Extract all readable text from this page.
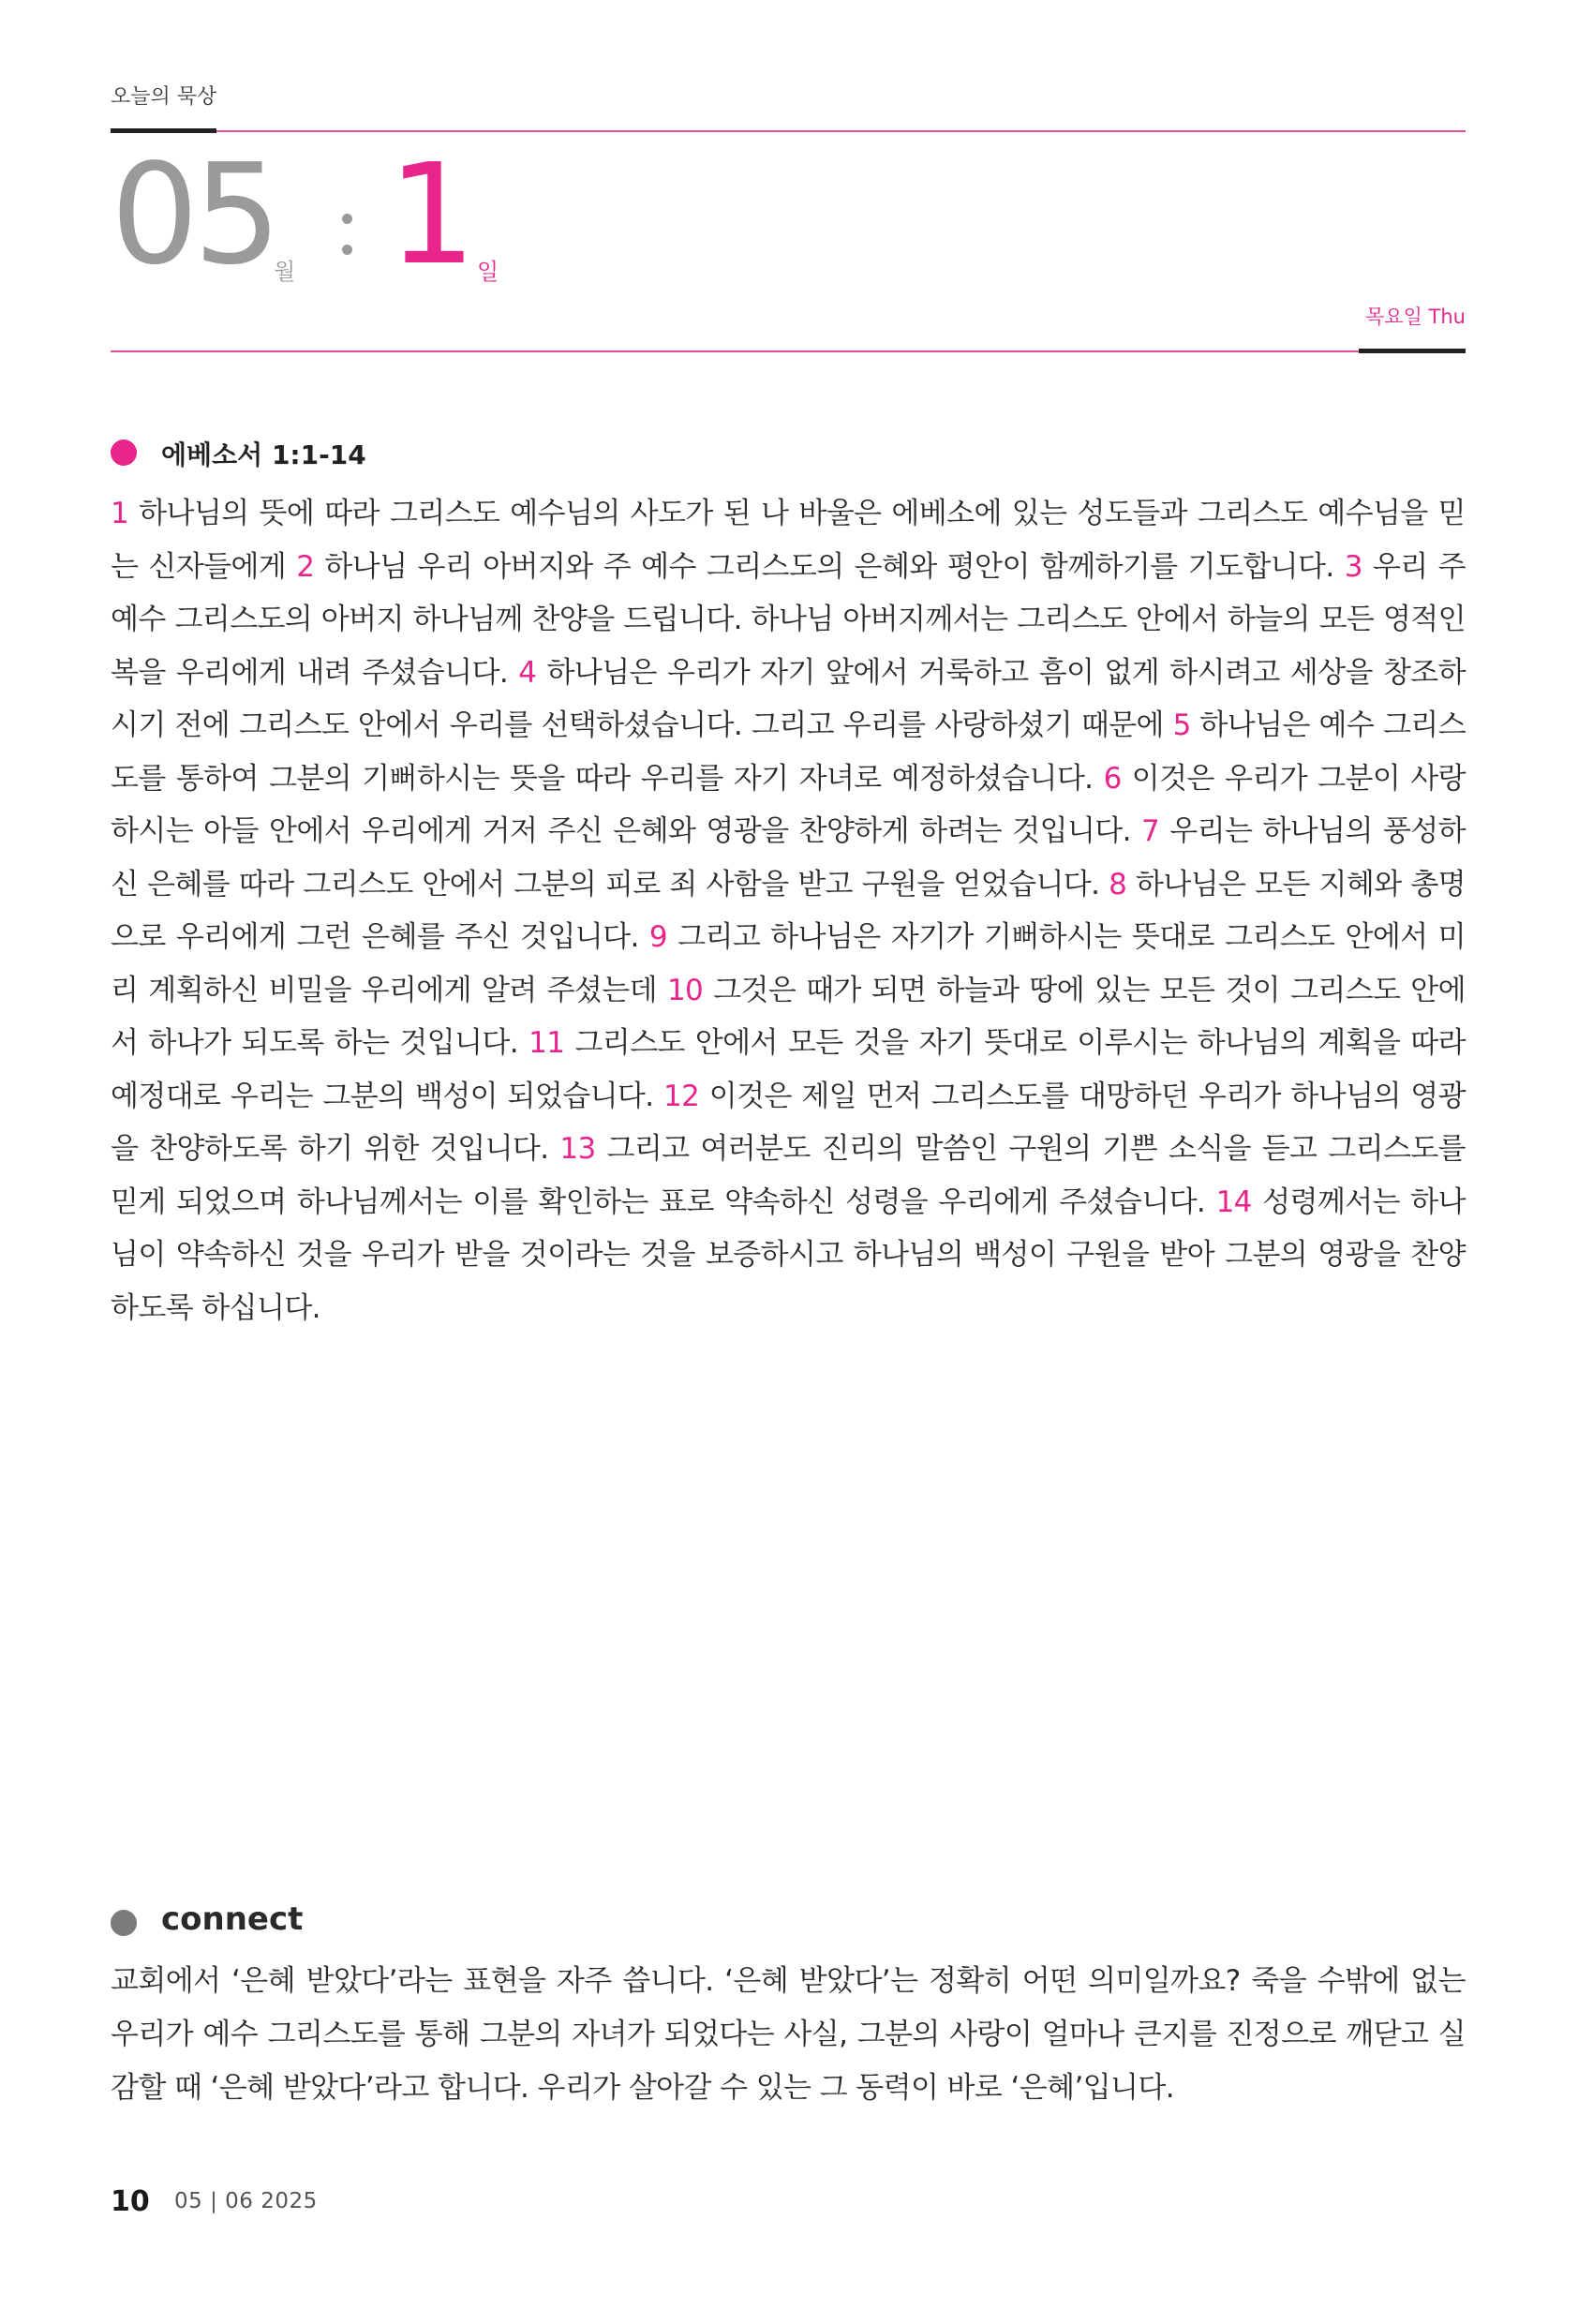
오늘의 묵상
05
월 1 일
목요일 Thu
에베소서 1:1-14
1 하나님의 뜻에 따라 그리스도 예수님의 사도가 된 나 바울은 에베소에 있는 성도들과 그리스도 예수님을 믿는 신자들에게 2 하나님 우리 아버지와 주 예수 그리스도의 은혜와 평안이 함께하기를 기도합니다. 3 우리 주 예수 그리스도의 아버지 하나님께 찬양을 드립니다. 하나님 아버지께서는 그리스도 안에서 하늘의 모든 영적인 복을 우리에게 내려 주셨습니다. 4 하나님은 우리가 자기 앞에서 거룩하고 흠이 없게 하시려고 세상을 창조하시기 전에 그리스도 안에서 우리를 선택하셨습니다. 그리고 우리를 사랑하셨기 때문에 5 하나님은 예수 그리스도를 통하여 그분의 기뻐하시는 뜻을 따라 우리를 자기 자녀로 예정하셨습니다. 6 이것은 우리가 그분이 사랑하시는 아들 안에서 우리에게 거저 주신 은혜와 영광을 찬양하게 하려는 것입니다. 7 우리는 하나님의 풍성하신 은혜를 따라 그리스도 안에서 그분의 피로 죄 사함을 받고 구원을 얻었습니다. 8 하나님은 모든 지혜와 총명으로 우리에게 그런 은혜를 주신 것입니다. 9 그리고 하나님은 자기가 기뻐하시는 뜻대로 그리스도 안에서 미리 계획하신 비밀을 우리에게 알려 주셨는데 10 그것은 때가 되면 하늘과 땅에 있는 모든 것이 그리스도 안에서 하나가 되도록 하는 것입니다. 11 그리스도 안에서 모든 것을 자기 뜻대로 이루시는 하나님의 계획을 따라 예정대로 우리는 그분의 백성이 되었습니다. 12 이것은 제일 먼저 그리스도를 대망하던 우리가 하나님의 영광을 찬양하도록 하기 위한 것입니다. 13 그리고 여러분도 진리의 말씀인 구원의 기쁜 소식을 듣고 그리스도를 믿게 되었으며 하나님께서는 이를 확인하는 표로 약속하신 성령을 우리에게 주셨습니다. 14 성령께서는 하나님이 약속하신 것을 우리가 받을 것이라는 것을 보증하시고 하나님의 백성이 구원을 받아 그분의 영광을 찬양하도록 하십니다.
connect
교회에서 ‘은혜 받았다’라는 표현을 자주 씁니다. ‘은혜 받았다’는 정확히 어떤 의미일까요? 죽을 수밖에 없는 우리가 예수 그리스도를 통해 그분의 자녀가 되었다는 사실, 그분의 사랑이 얼마나 큰지를 진정으로 깨닫고 실감할 때 ‘은혜 받았다’라고 합니다. 우리가 살아갈 수 있는 그 동력이 바로 ‘은혜’입니다.
10 05 | 06 2025
